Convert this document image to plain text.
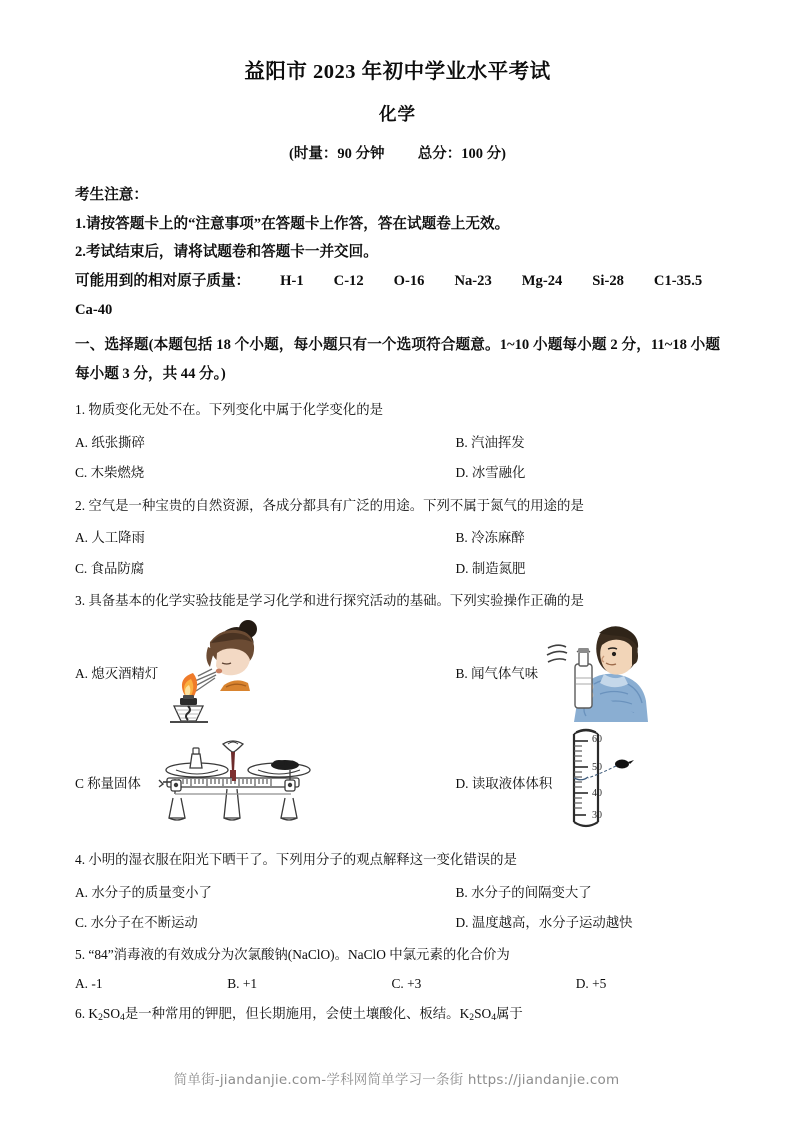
益阳市 2023 年初中学业水平考试
化学
(时量：90 分钟 总分：100 分)

考生注意：

1.请按答题卡上的“注意事项”在答题卡上作答，答在试题卷上无效。

2.考试结束后，请将试题卷和答题卡一并交回。

可能用到的相对原子质量： H-1 C-12 O-16 Na-23 Mg-24 Si-28 C1-35.5

Ca-40

一、选择题(本题包括 18 个小题，每小题只有一个选项符合题意。1~10 小题每小题 2 分，11~18 小题每小题 3 分，共 44 分。)

1. 物质变化无处不在。下列变化中属于化学变化的是

A. 纸张撕碎	B. 汽油挥发
C. 木柴燃烧	D. 冰雪融化

2. 空气是一种宝贵的自然资源，各成分都具有广泛的用途。下列不属于氮气的用途的是

A. 人工降雨	B. 冷冻麻醉
C. 食品防腐	D. 制造氮肥

3. 具备基本的化学实验技能是学习化学和进行探究活动的基础。下列实验操作正确的是

A. 熄灭酒精灯	B. 闻气体气味
C 称量固体	D. 读取液体体积
60
50
40
30

4. 小明的湿衣服在阳光下晒干了。下列用分子的观点解释这一变化错误的是

A. 水分子的质量变小了	B. 水分子的间隔变大了
C. 水分子在不断运动	D. 温度越高，水分子运动越快

5. “84”消毒液的有效成分为次氯酸钠(NaClO)。NaClO 中氯元素的化合价为

A. -1	B. +1	C. +3	D. +5

6. $K_2SO_4$是一种常用的钾肥，但长期施用，会使土壤酸化、板结。$K_2SO_4$属于

简单街-jiandanjie.com-学科网简单学习一条街 https://jiandanjie.com
